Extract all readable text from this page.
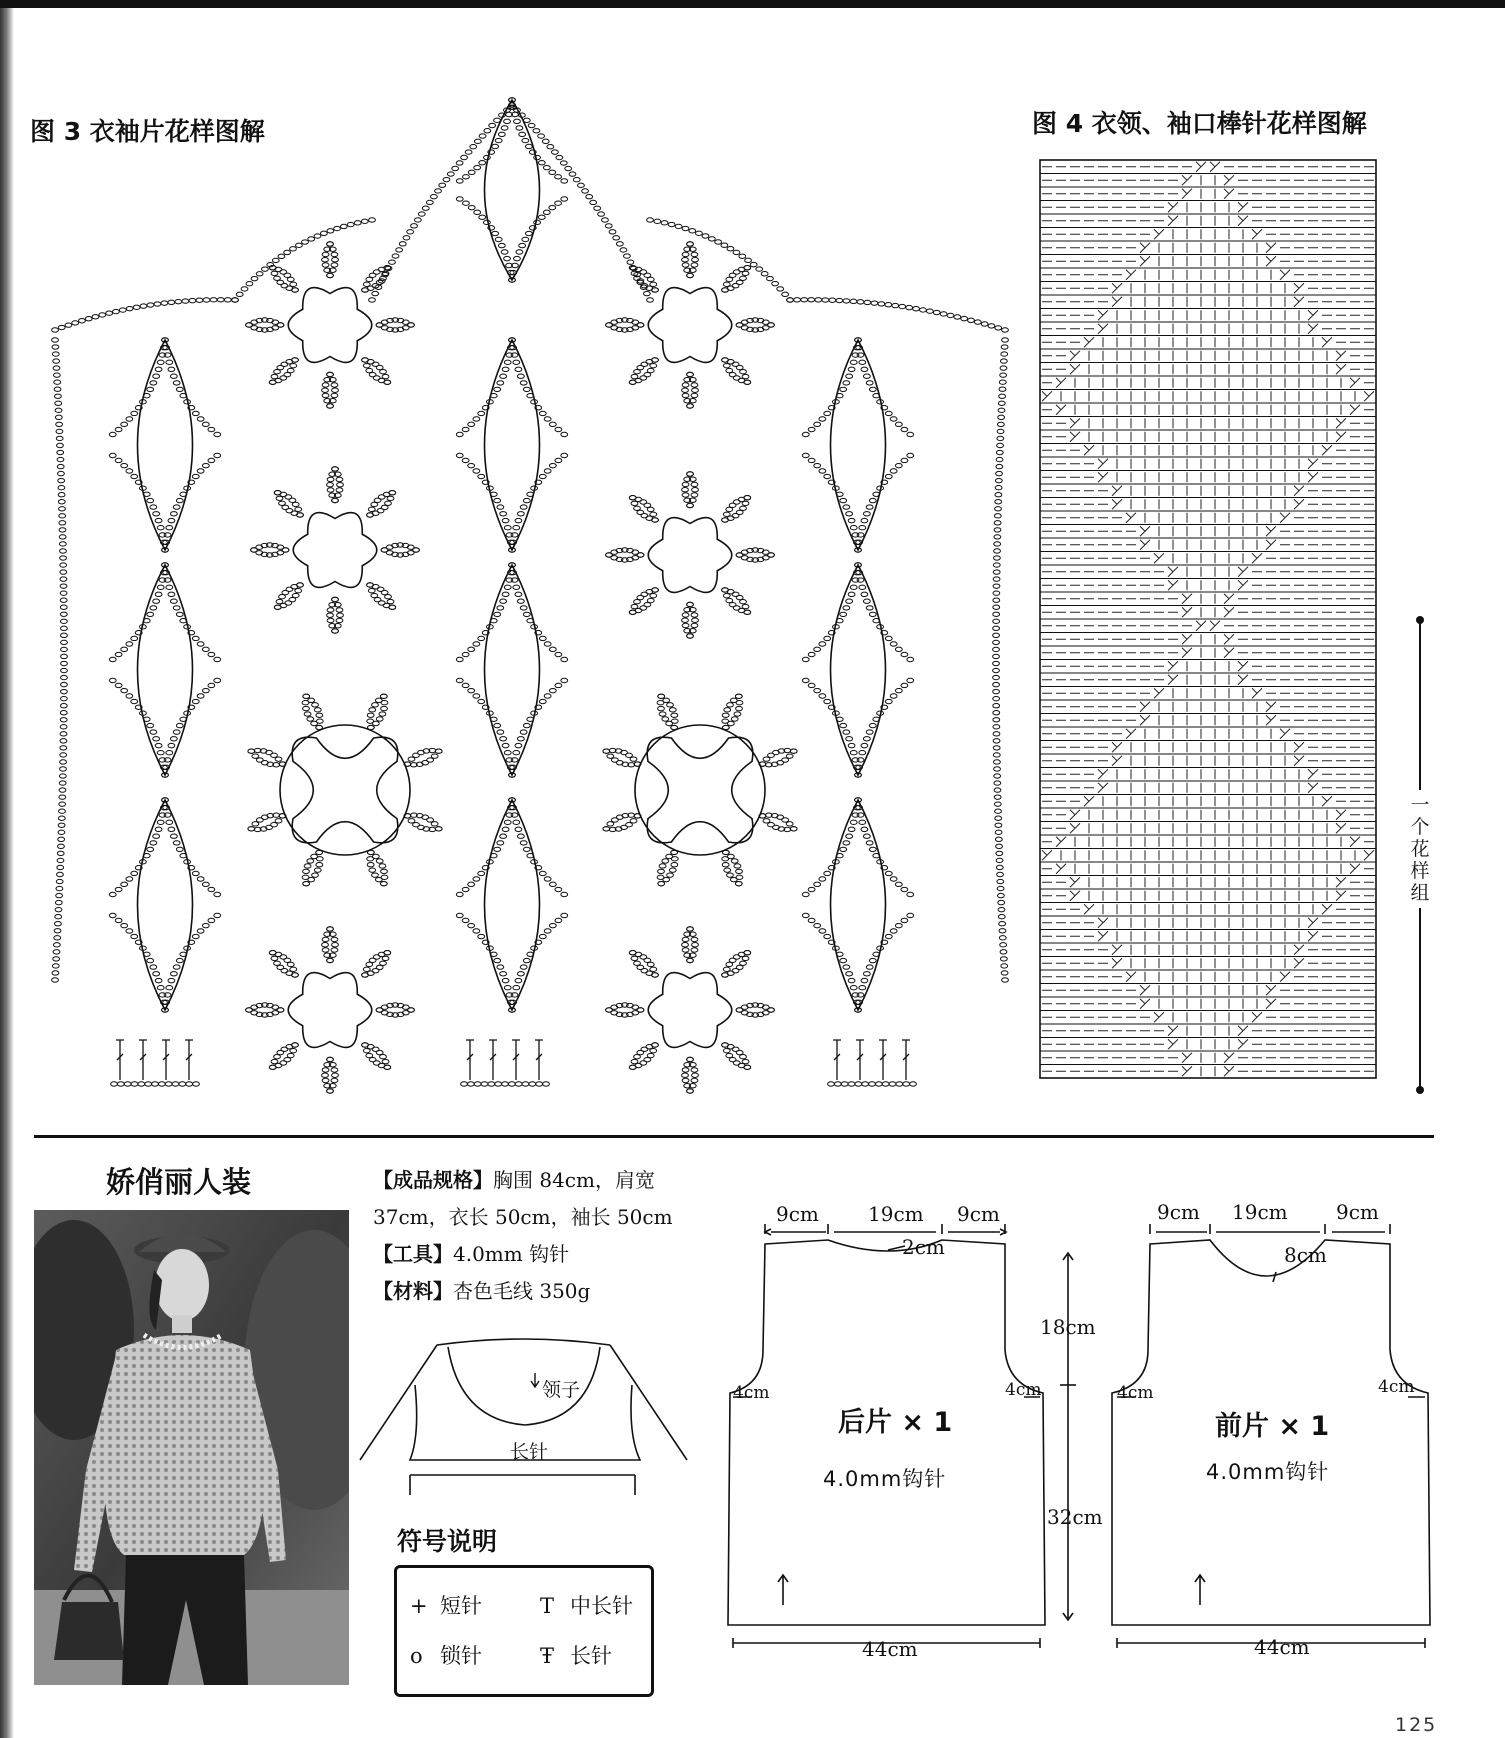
图 3 衣袖片花样图解	图 4 衣领、袖口棒针花样图解
一
个
花
样
组
娇俏丽人装	【成品规格】胸围 84cm，肩宽
37cm，衣长 50cm，袖长 50cm
【工具】4.0mm 钩针
【材料】杏色毛线 350g
领子
长针
符号说明
+ 短针	T 中长针
o 锁针	Ŧ 长针
9cm 19cm 9cm
2cm
18cm
32cm
4cm	4cm
44cm
后片 × 1
4.0mm钩针
9cm 19cm 9cm
8cm
4cm	4cm
44cm
前片 × 1
4.0mm钩针
125
